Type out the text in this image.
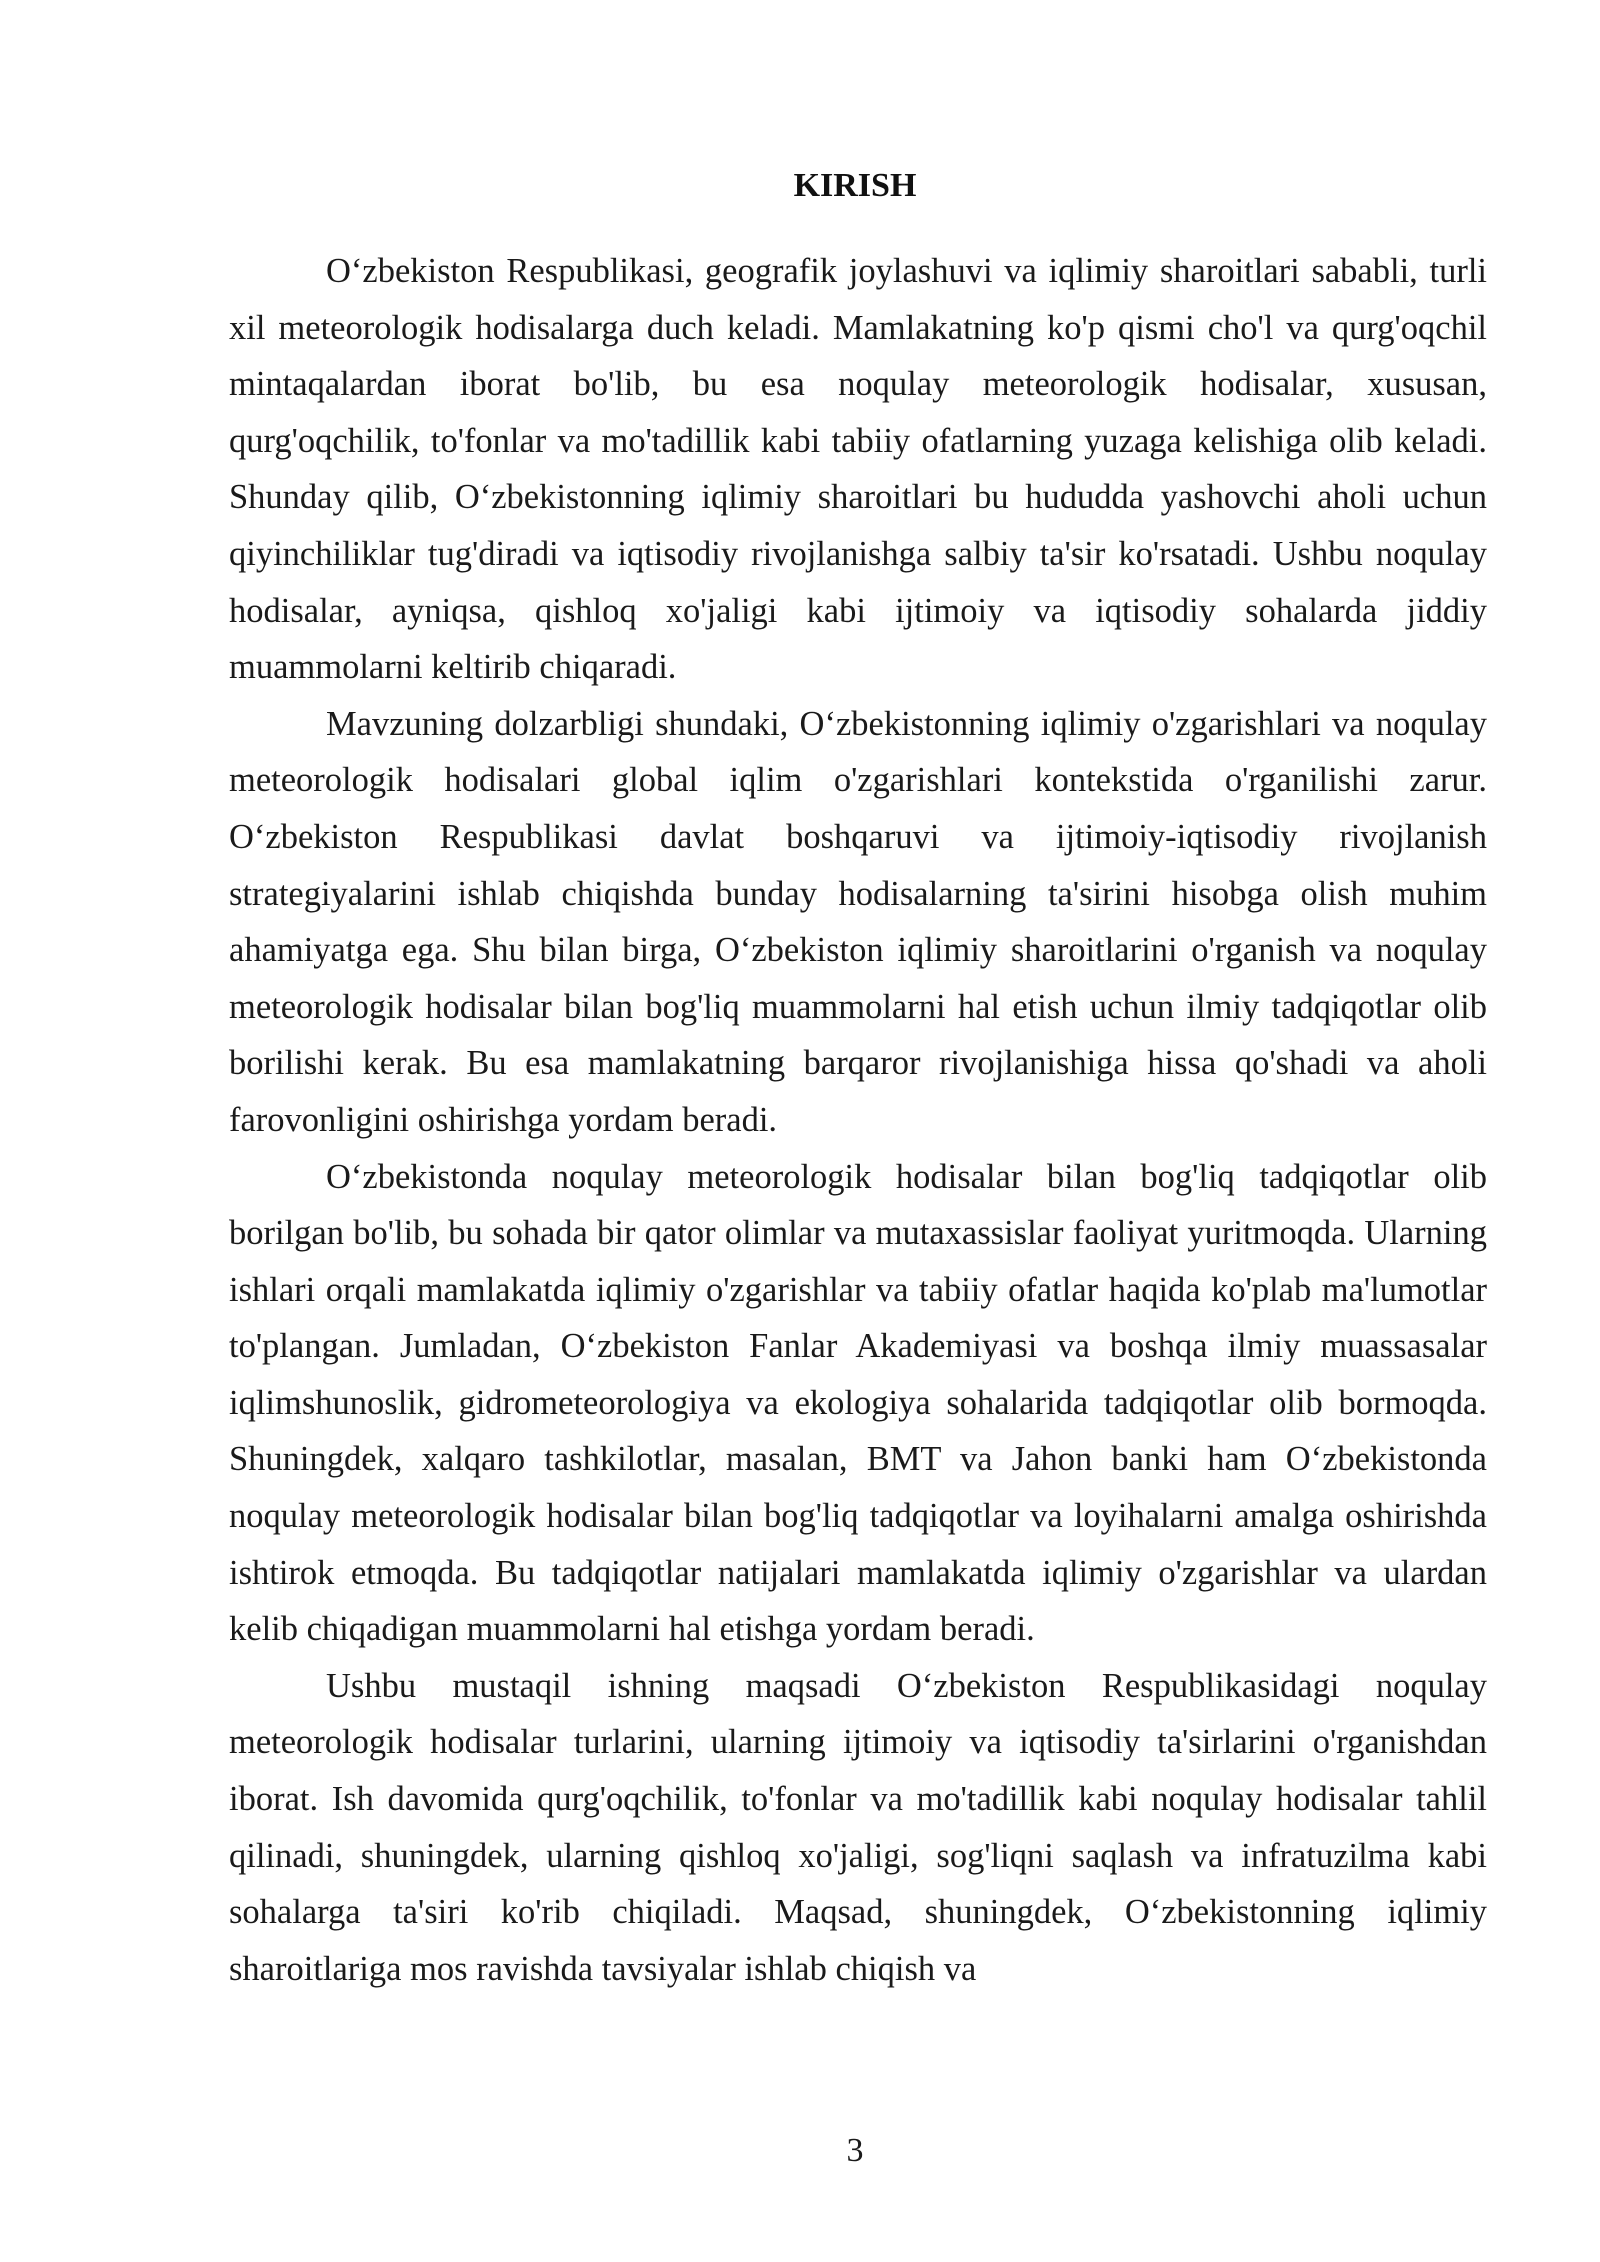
KIRISH

O‘zbekiston Respublikasi, geografik joylashuvi va iqlimiy sharoitlari sababli, turli xil meteorologik hodisalarga duch keladi. Mamlakatning ko'p qismi cho'l va qurg'oqchil mintaqalardan iborat bo'lib, bu esa noqulay meteorologik hodisalar, xususan, qurg'oqchilik, to'fonlar va mo'tadillik kabi tabiiy ofatlarning yuzaga kelishiga olib keladi. Shunday qilib, O‘zbekistonning iqlimiy sharoitlari bu hududda yashovchi aholi uchun qiyinchiliklar tug'diradi va iqtisodiy rivojlanishga salbiy ta'sir ko'rsatadi. Ushbu noqulay hodisalar, ayniqsa, qishloq xo'jaligi kabi ijtimoiy va iqtisodiy sohalarda jiddiy muammolarni keltirib chiqaradi.

Mavzuning dolzarbligi shundaki, O‘zbekistonning iqlimiy o'zgarishlari va noqulay meteorologik hodisalari global iqlim o'zgarishlari kontekstida o'rganilishi zarur. O‘zbekiston Respublikasi davlat boshqaruvi va ijtimoiy-iqtisodiy rivojlanish strategiyalarini ishlab chiqishda bunday hodisalarning ta'sirini hisobga olish muhim ahamiyatga ega. Shu bilan birga, O‘zbekiston iqlimiy sharoitlarini o'rganish va noqulay meteorologik hodisalar bilan bog'liq muammolarni hal etish uchun ilmiy tadqiqotlar olib borilishi kerak. Bu esa mamlakatning barqaror rivojlanishiga hissa qo'shadi va aholi farovonligini oshirishga yordam beradi.

O‘zbekistonda noqulay meteorologik hodisalar bilan bog'liq tadqiqotlar olib borilgan bo'lib, bu sohada bir qator olimlar va mutaxassislar faoliyat yuritmoqda. Ularning ishlari orqali mamlakatda iqlimiy o'zgarishlar va tabiiy ofatlar haqida ko'plab ma'lumotlar to'plangan. Jumladan, O‘zbekiston Fanlar Akademiyasi va boshqa ilmiy muassasalar iqlimshunoslik, gidrometeorologiya va ekologiya sohalarida tadqiqotlar olib bormoqda. Shuningdek, xalqaro tashkilotlar, masalan, BMT va Jahon banki ham O‘zbekistonda noqulay meteorologik hodisalar bilan bog'liq tadqiqotlar va loyihalarni amalga oshirishda ishtirok etmoqda. Bu tadqiqotlar natijalari mamlakatda iqlimiy o'zgarishlar va ulardan kelib chiqadigan muammolarni hal etishga yordam beradi.

Ushbu mustaqil ishning maqsadi O‘zbekiston Respublikasidagi noqulay meteorologik hodisalar turlarini, ularning ijtimoiy va iqtisodiy ta'sirlarini o'rganishdan iborat. Ish davomida qurg'oqchilik, to'fonlar va mo'tadillik kabi noqulay hodisalar tahlil qilinadi, shuningdek, ularning qishloq xo'jaligi, sog'liqni saqlash va infratuzilma kabi sohalarga ta'siri ko'rib chiqiladi. Maqsad, shuningdek, O‘zbekistonning iqlimiy sharoitlariga mos ravishda tavsiyalar ishlab chiqish va

3
